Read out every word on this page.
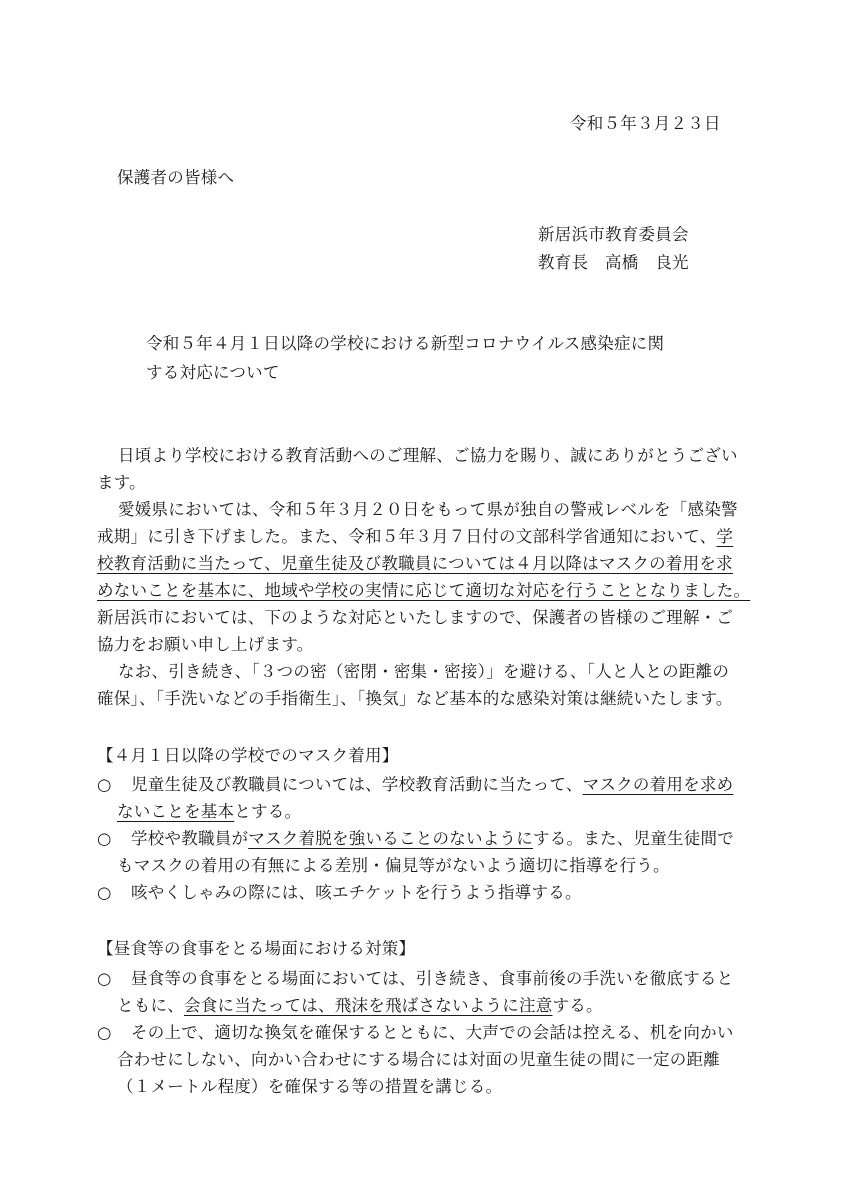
令和５年３月２３日
保護者の皆様へ
新居浜市教育委員会
教育長　高橋　良光
令和５年４月１日以降の学校における新型コロナウイルス感染症に関
する対応について
日頃より学校における教育活動へのご理解、ご協力を賜り、誠にありがとうござい
ます。
愛媛県においては、令和５年３月２０日をもって県が独自の警戒レベルを「感染警
戒期」に引き下げました。また、令和５年３月７日付の文部科学省通知において、学
校教育活動に当たって、児童生徒及び教職員については４月以降はマスクの着用を求
めないことを基本に、地域や学校の実情に応じて適切な対応を行うこととなりました。
新居浜市においては、下のような対応といたしますので、保護者の皆様のご理解・ご
協力をお願い申し上げます。
なお、引き続き、「３つの密（密閉・密集・密接）」を避ける、「人と人との距離の
確保」、「手洗いなどの手指衛生」、「換気」など基本的な感染対策は継続いたします。
【４月１日以降の学校でのマスク着用】
○ 児童生徒及び教職員については、学校教育活動に当たって、マスクの着用を求め
ないことを基本とする。
○ 学校や教職員がマスク着脱を強いることのないようにする。また、児童生徒間で
もマスクの着用の有無による差別・偏見等がないよう適切に指導を行う。
○ 咳やくしゃみの際には、咳エチケットを行うよう指導する。
【昼食等の食事をとる場面における対策】
○ 昼食等の食事をとる場面においては、引き続き、食事前後の手洗いを徹底すると
ともに、会食に当たっては、飛沫を飛ばさないように注意する。
○ その上で、適切な換気を確保するとともに、大声での会話は控える、机を向かい
合わせにしない、向かい合わせにする場合には対面の児童生徒の間に一定の距離
（１メートル程度）を確保する等の措置を講じる。
